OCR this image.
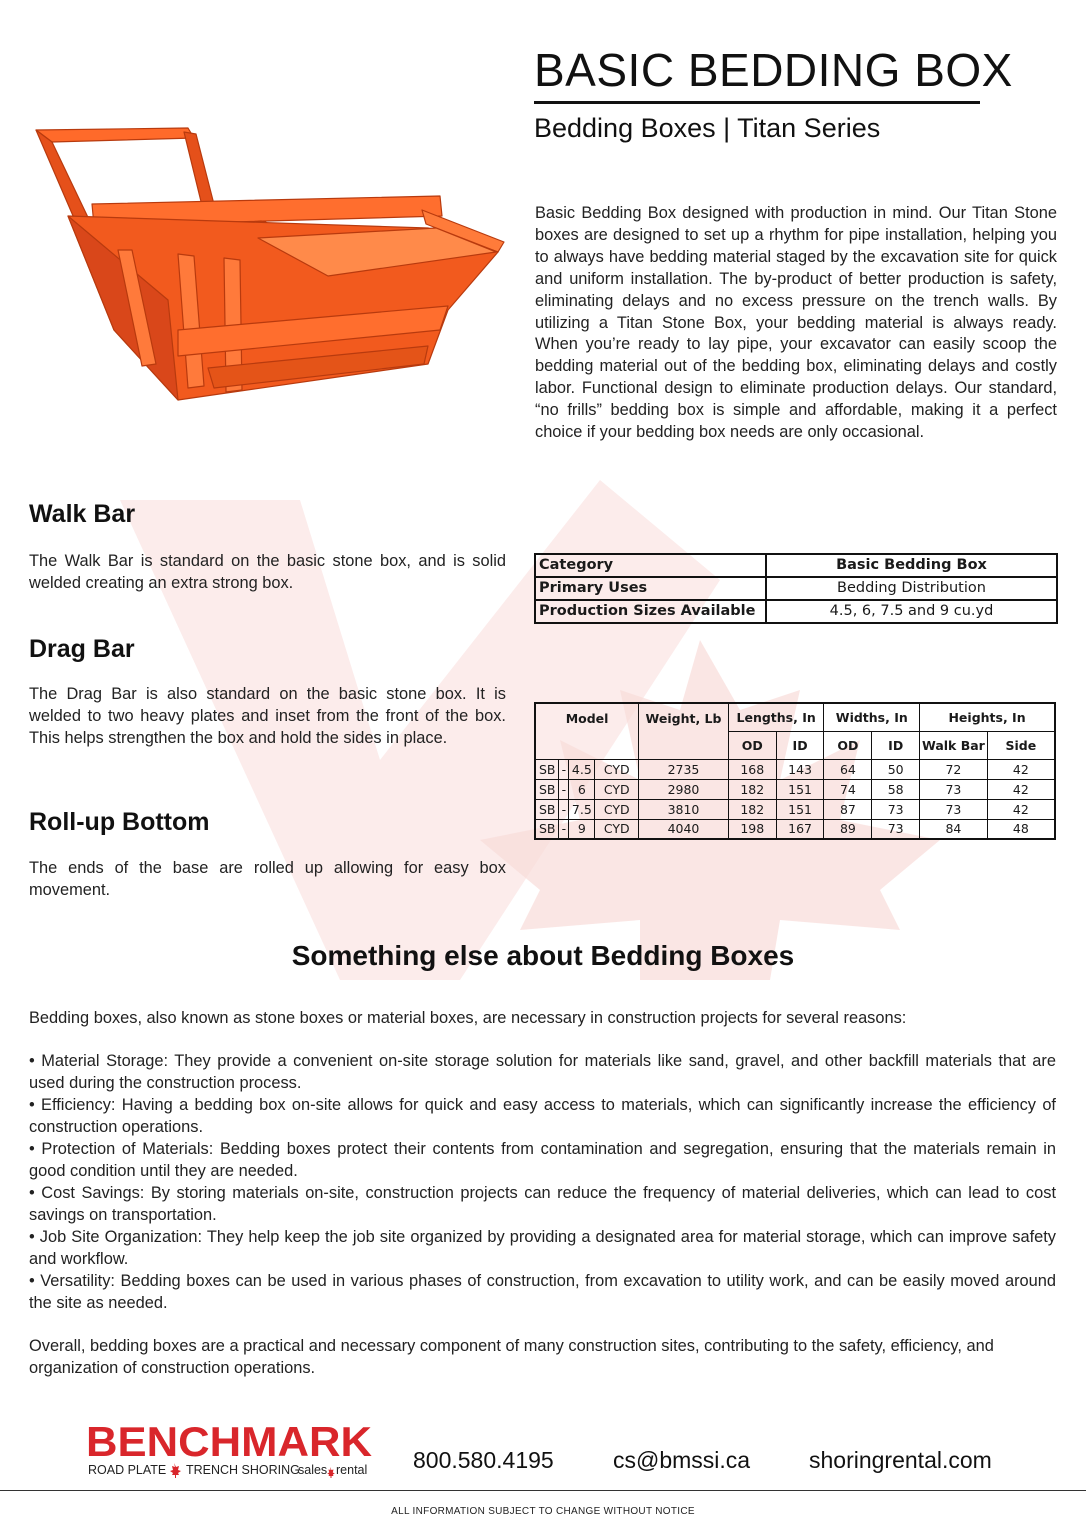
BASIC BEDDING BOX
Bedding Boxes | Titan Series

Basic Bedding Box designed with production in mind. Our Titan Stone boxes are designed to set up a rhythm for pipe installation, helping you to always have bedding material staged by the excavation site for quick and uniform installation. The by-product of better production is safety, eliminating delays and no excess pressure on the trench walls. By utilizing a Titan Stone Box, your bedding material is always ready. When you’re ready to lay pipe, your excavator can easily scoop the bedding material out of the bedding box, eliminating delays and costly labor. Functional design to eliminate production delays. Our standard, “no frills” bedding box is simple and affordable, making it a perfect choice if your bedding box needs are only occasional.

Walk Bar

The Walk Bar is standard on the basic stone box, and is solid welded creating an extra strong box.

Drag Bar

The Drag Bar is also standard on the basic stone box. It is welded to two heavy plates and inset from the front of the box. This helps strengthen the box and hold the sides in place.

Roll-up Bottom

The ends of the base are rolled up allowing for easy box movement.

Category	Basic Bedding Box
Primary Uses	Bedding Distribution
Production Sizes Available	4.5, 6, 7.5 and 9 cu.yd
Model				Weight, Lb	Lengths, In		Widths, In		Heights, In	
					OD	ID	OD	ID	Walk Bar	Side
SB	-	4.5	CYD	2735	168	143	64	50	72	42
SB	-	6	CYD	2980	182	151	74	58	73	42
SB	-	7.5	CYD	3810	182	151	87	73	73	42
SB	-	9	CYD	4040	198	167	89	73	84	48
Something else about Bedding Boxes

Bedding boxes, also known as stone boxes or material boxes, are necessary in construction projects for several reasons:

• Material Storage: They provide a convenient on-site storage solution for materials like sand, gravel, and other backfill materials that are used during the construction process.
• Efficiency: Having a bedding box on-site allows for quick and easy access to materials, which can significantly increase the efficiency of construction operations.
• Protection of Materials: Bedding boxes protect their contents from contamination and segregation, ensuring that the materials remain in good condition until they are needed.
• Cost Savings: By storing materials on-site, construction projects can reduce the frequency of material deliveries, which can lead to cost savings on transportation.
• Job Site Organization: They help keep the job site organized by providing a designated area for material storage, which can improve safety and workflow.
• Versatility: Bedding boxes can be used in various phases of construction, from excavation to utility work, and can be easily moved around the site as needed.

Overall, bedding boxes are a practical and necessary component of many construction sites, contributing to the safety, efficiency, and organization of construction operations.

BENCHMARK
ROAD PLATE TRENCH SHORING
sales rental 800.580.4195	cs@bmssi.ca	shoringrental.com
ALL INFORMATION SUBJECT TO CHANGE WITHOUT NOTICE
